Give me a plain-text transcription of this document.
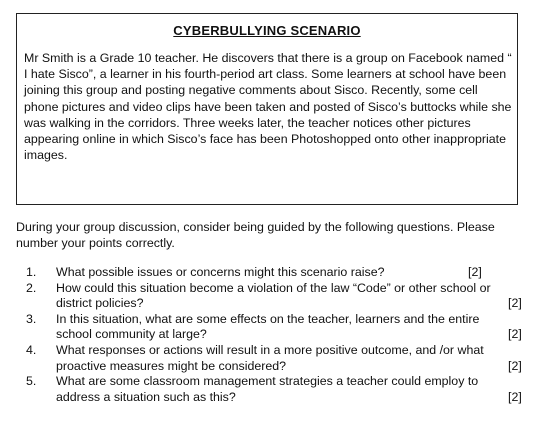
CYBERBULLYING SCENARIO
Mr Smith is a Grade 10 teacher. He discovers that there is a group on Facebook named “ I hate Sisco”, a learner in his fourth-period art class. Some learners at school have been joining this group and posting negative comments about Sisco. Recently, some cell phone pictures and video clips have been taken and posted of Sisco’s buttocks while she was walking in the corridors. Three weeks later, the teacher notices other pictures appearing online in which Sisco’s face has been Photoshopped onto other inappropriate images.
During your group discussion, consider being guided by the following questions. Please number your points correctly.
1. What possible issues or concerns might this scenario raise?	[2]
2. How could this situation become a violation of the law “Code” or other school or
district policies?	[2]
3. In this situation, what are some effects on the teacher, learners and the entire
school community at large?	[2]
4. What responses or actions will result in a more positive outcome, and /or what
proactive measures might be considered?	[2]
5. What are some classroom management strategies a teacher could employ to
address a situation such as this?	[2]
